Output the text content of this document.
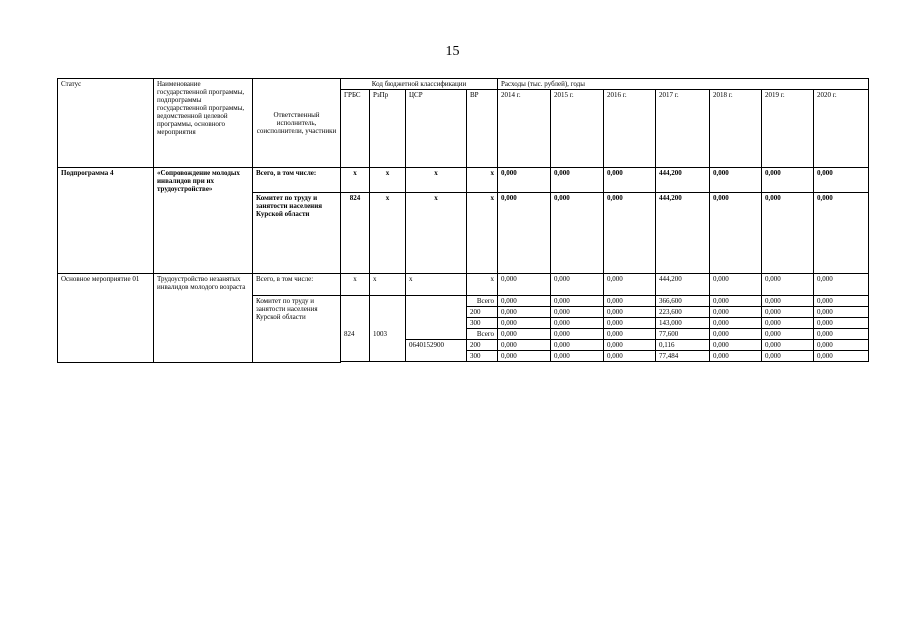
15
Статус	Наименование государственной программы, подпрограммы государственной программы, ведомственной целевой программы, основного мероприятия	Ответственный исполнитель, соисполнители, участники	Код бюджетной классификации				Расходы (тыс. рублей), годы						
			ГРБС	РзПр	ЦСР	ВР	2014 г.	2015 г.	2016 г.	2017 г.	2018 г.	2019 г.	2020 г.
Подпрограмма 4	«Сопровождение молодых инвалидов при их трудоустройстве»	Всего, в том числе:	x	x	x	x	0,000	0,000	0,000	444,200	0,000	0,000	0,000
		Комитет по труду и занятости населения Курской области	824	x	x	x	0,000	0,000	0,000	444,200	0,000	0,000	0,000
Основное мероприятие 01	Трудоустройство незанятых инвалидов молодого возраста	Всего, в том числе:	x	x	x	x	0,000	0,000	0,000	444,200	0,000	0,000	0,000
		Комитет по труду и занятости населения Курской области				Всего	0,000	0,000	0,000	366,600	0,000	0,000	0,000
						200	0,000	0,000	0,000	223,600	0,000	0,000	0,000
						300	0,000	0,000	0,000	143,000	0,000	0,000	0,000
			824	1003		Всего	0,000	0,000	0,000	77,600	0,000	0,000	0,000
					0640152900	200	0,000	0,000	0,000	0,116	0,000	0,000	0,000
						300	0,000	0,000	0,000	77,484	0,000	0,000	0,000
